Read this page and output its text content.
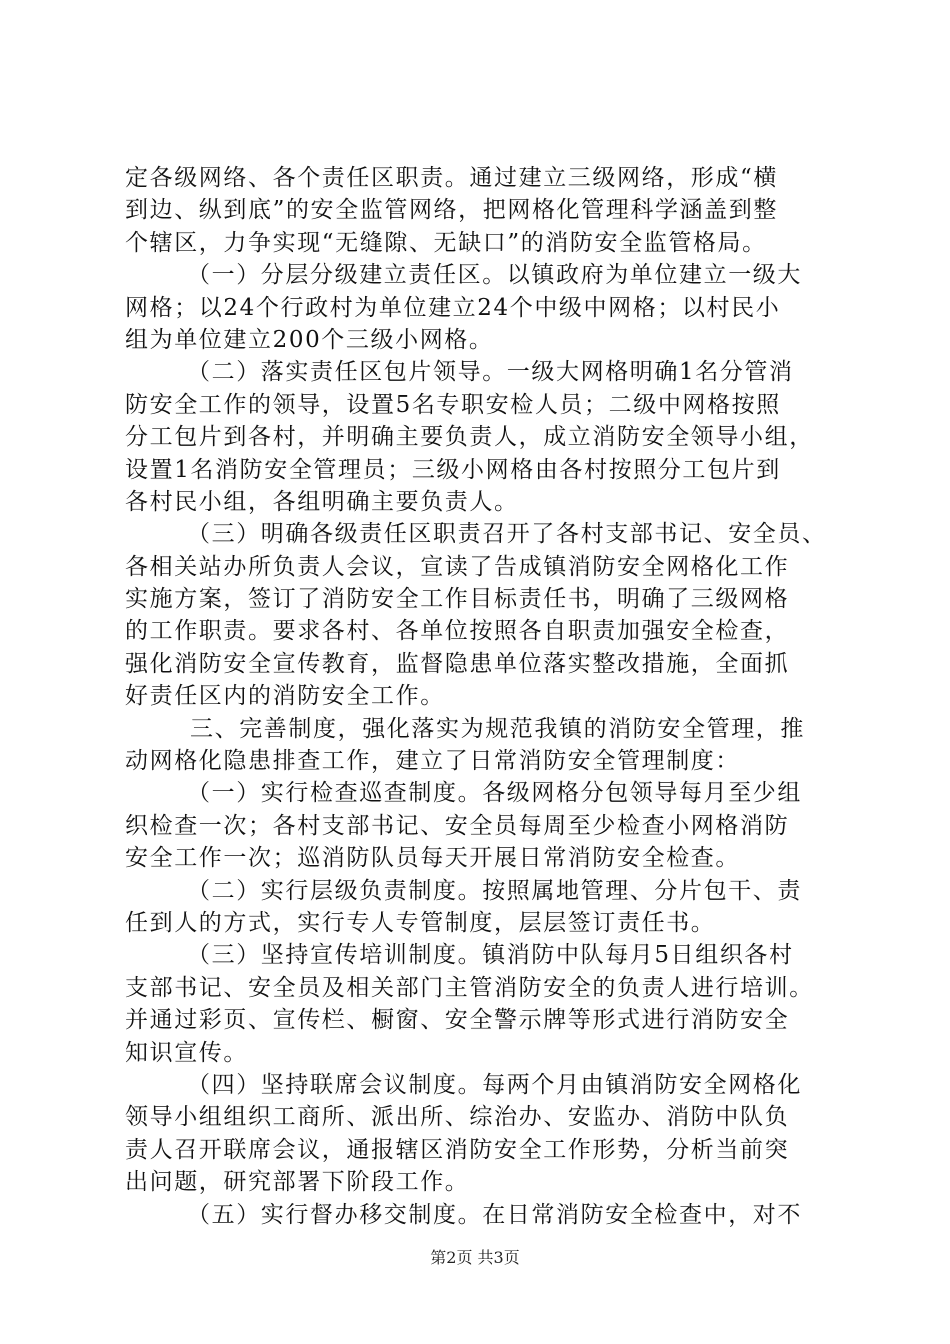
定各级网络、各个责任区职责。通过建立三级网络，形成“横
到边、纵到底”的安全监管网络，把网格化管理科学涵盖到整
个辖区，力争实现“无缝隙、无缺口”的消防安全监管格局。
（一）分层分级建立责任区。以镇政府为单位建立一级大
网格；以24个行政村为单位建立24个中级中网格；以村民小
组为单位建立200个三级小网格。
（二）落实责任区包片领导。一级大网格明确1名分管消
防安全工作的领导，设置5名专职安检人员；二级中网格按照
分工包片到各村，并明确主要负责人，成立消防安全领导小组，
设置1名消防安全管理员；三级小网格由各村按照分工包片到
各村民小组，各组明确主要负责人。
（三）明确各级责任区职责召开了各村支部书记、安全员、
各相关站办所负责人会议，宣读了告成镇消防安全网格化工作
实施方案，签订了消防安全工作目标责任书，明确了三级网格
的工作职责。要求各村、各单位按照各自职责加强安全检查，
强化消防安全宣传教育，监督隐患单位落实整改措施，全面抓
好责任区内的消防安全工作。
三、完善制度，强化落实为规范我镇的消防安全管理，推
动网格化隐患排查工作，建立了日常消防安全管理制度：
（一）实行检查巡查制度。各级网格分包领导每月至少组
织检查一次；各村支部书记、安全员每周至少检查小网格消防
安全工作一次；巡消防队员每天开展日常消防安全检查。
（二）实行层级负责制度。按照属地管理、分片包干、责
任到人的方式，实行专人专管制度，层层签订责任书。
（三）坚持宣传培训制度。镇消防中队每月5日组织各村
支部书记、安全员及相关部门主管消防安全的负责人进行培训。
并通过彩页、宣传栏、橱窗、安全警示牌等形式进行消防安全
知识宣传。
（四）坚持联席会议制度。每两个月由镇消防安全网格化
领导小组组织工商所、派出所、综治办、安监办、消防中队负
责人召开联席会议，通报辖区消防安全工作形势，分析当前突
出问题，研究部署下阶段工作。
（五）实行督办移交制度。在日常消防安全检查中，对不
第2页 共3页
